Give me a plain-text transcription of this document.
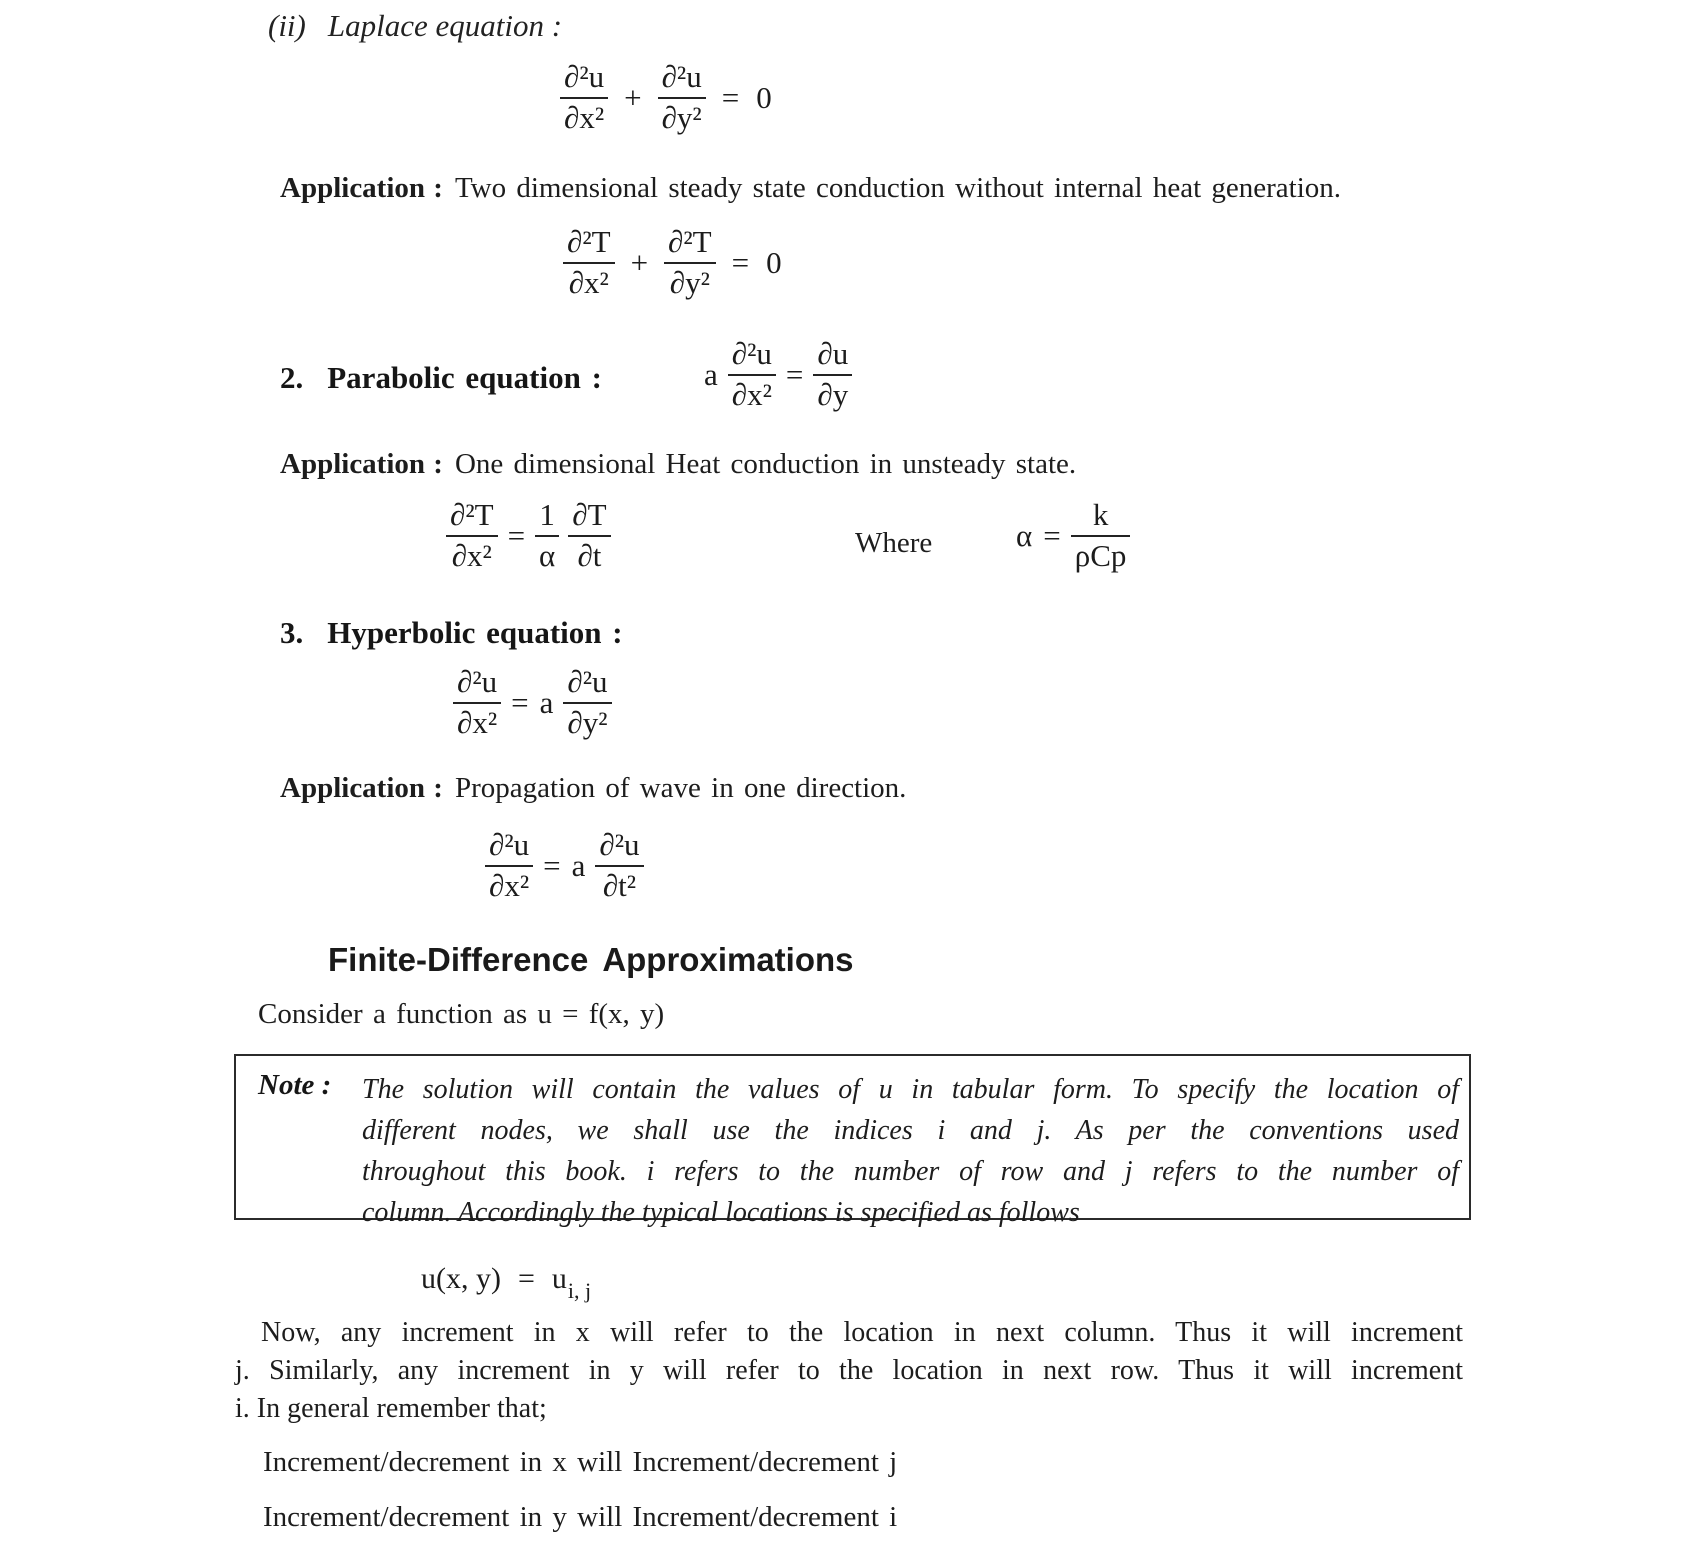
(ii) Laplace equation :
$\frac{\text{∂²u}}{\text{∂x²}} + \frac{\text{∂²u}}{\text{∂y²}} = 0$
Application : Two dimensional steady state conduction without internal heat generation.
$\frac{\text{∂²T}}{\text{∂x²}} + \frac{\text{∂²T}}{\text{∂y²}} = 0$
2. Parabolic equation :	a $\frac{\text{∂²u}}{\text{∂x²}} = \frac{\partial u}{\partial y}$
Application : One dimensional Heat conduction in unsteady state.
$\frac{\text{∂²T}}{\text{∂x²}} = \frac{1}{\alpha} \frac{\partial T}{\partial t}$	Where	$\alpha = \frac{k}{\text{ρCp}}$
3. Hyperbolic equation :
$\frac{\text{∂²u}}{\text{∂x²}} = a \frac{\text{∂²u}}{\text{∂y²}}$
Application : Propagation of wave in one direction.
$\frac{\text{∂²u}}{\text{∂x²}} = a \frac{\text{∂²u}}{\text{∂t²}}$
Finite-Difference Approximations
Consider a function as u = f(x, y)
Note :	The solution will contain the values of u in tabular form. To specify the location of
different nodes, we shall use the indices i and j. As per the conventions used
throughout this book. i refers to the number of row and j refers to the number of
column. Accordingly the typical locations is specified as follows
u(x, y) = ui, j
Now, any increment in x will refer to the location in next column. Thus it will increment
j. Similarly, any increment in y will refer to the location in next row. Thus it will increment
i. In general remember that;
Increment/decrement in x will Increment/decrement j
Increment/decrement in y will Increment/decrement i
